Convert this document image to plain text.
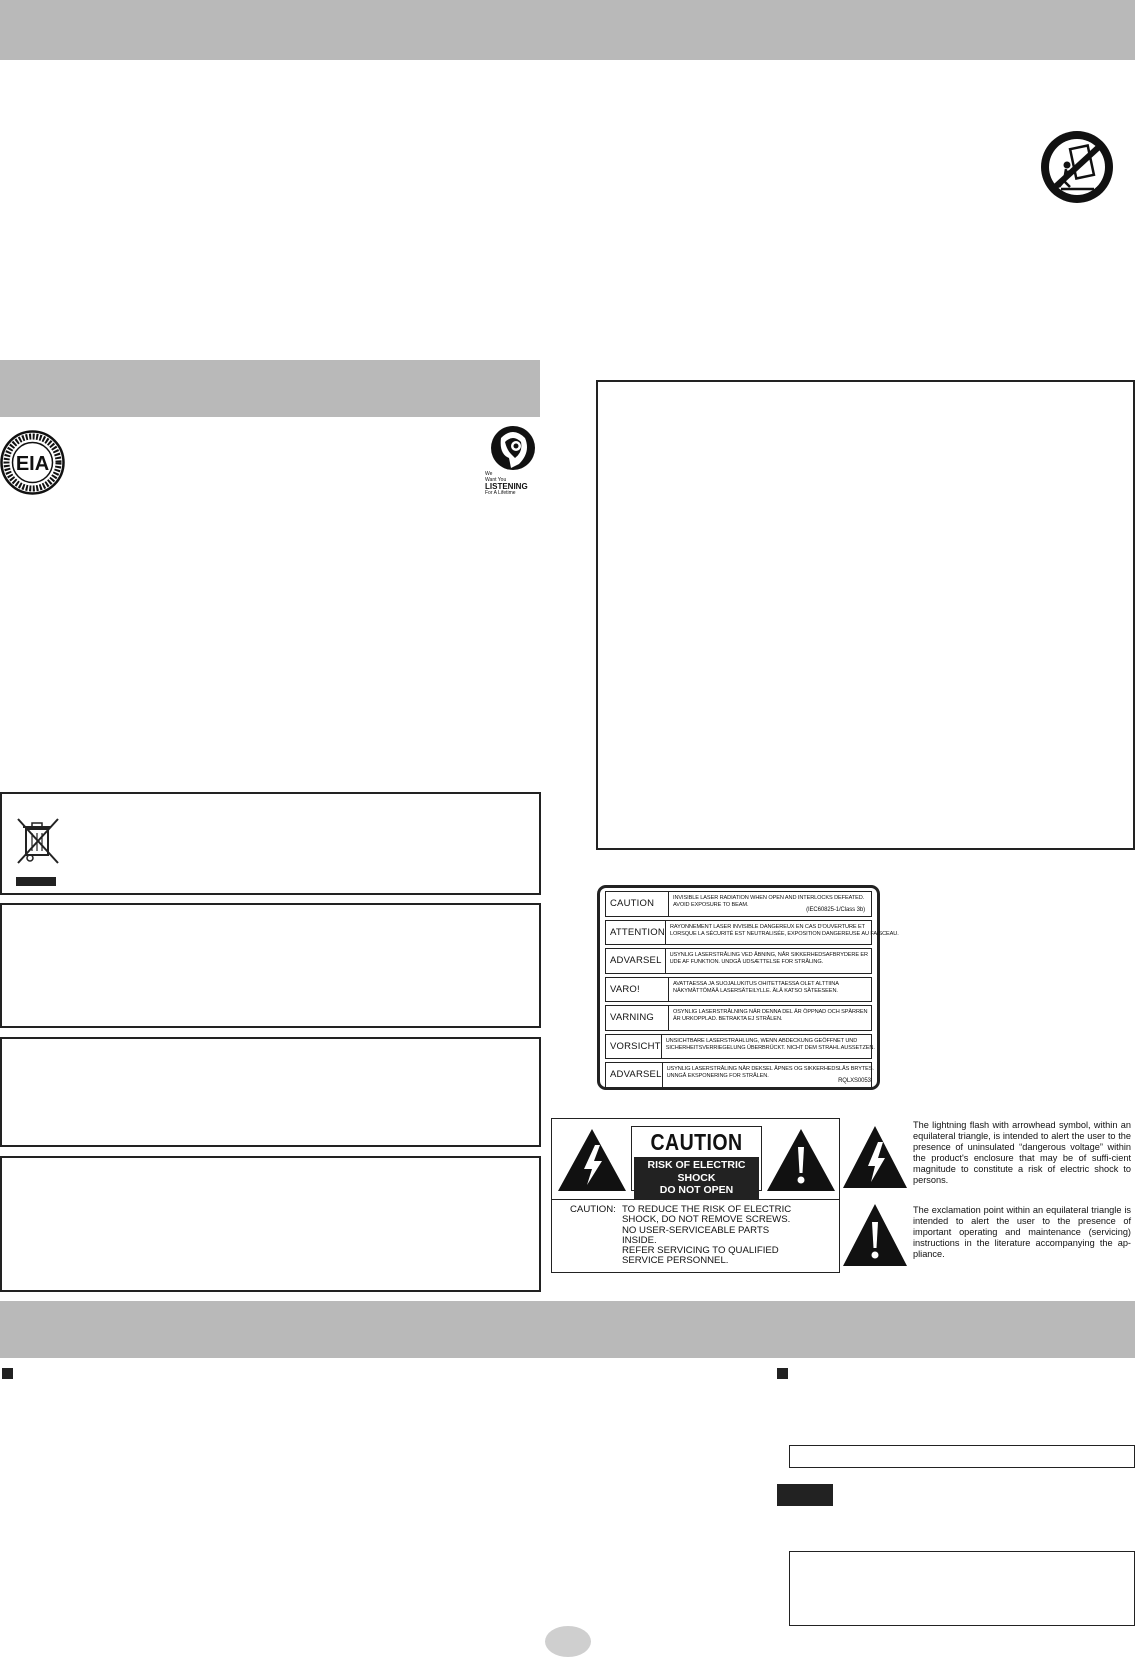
EIA	We
Want You
LISTENING
For A Lifetime
CAUTION
INVISIBLE LASER RADIATION WHEN OPEN AND INTERLOCKS DEFEATED.
AVOID EXPOSURE TO BEAM.
(IEC60825-1/Class 3b)
ATTENTION
RAYONNEMENT LASER INVISIBLE DANGEREUX EN CAS D'OUVERTURE ET
LORSQUE LA SÉCURITÉ EST NEUTRALISÉE, EXPOSITION DANGEREUSE AU FAISCEAU.
ADVARSEL
USYNLIG LASERSTRÅLING VED ÅBNING, NÅR SIKKERHEDSAFBRYDERE ER
UDE AF FUNKTION. UNDGÅ UDSÆTTELSE FOR STRÅLING.
VARO!
AVATTAESSA JA SUOJALUKITUS OHITETTAESSA OLET ALTTIINA
NÄKYMÄTTÖMÄÄ LASERSÄTEILYLLE. ÄLÄ KATSO SÄTEESEEN.
VARNING
OSYNLIG LASERSTRÅLNING NÄR DENNA DEL ÄR ÖPPNAD OCH SPÄRREN
ÄR URKOPPLAD. BETRAKTA EJ STRÅLEN.
VORSICHT
UNSICHTBARE LASERSTRAHLUNG, WENN ABDECKUNG GEÖFFNET UND
SICHERHEITSVERRIEGELUNG ÜBERBRÜCKT. NICHT DEM STRAHL AUSSETZEN.
ADVARSEL
USYNLIG LASERSTRÅLING NÅR DEKSEL ÅPNES OG SIKKERHEDSLÅS BRYTES.
UNNGÅ EKSPONERING FOR STRÅLEN.
RQLXS0053
CAUTION
RISK OF ELECTRIC SHOCK
DO NOT OPEN
CAUTION: TO REDUCE THE RISK OF ELECTRIC
SHOCK, DO NOT REMOVE SCREWS.
NO USER-SERVICEABLE PARTS
INSIDE.
REFER SERVICING TO QUALIFIED
SERVICE PERSONNEL.
The lightning flash with arrowhead symbol, within an equilateral triangle, is intended to alert the user to the presence of uninsulated “dangerous voltage” within the product's enclosure that may be of suffi-cient magnitude to constitute a risk of electric shock to persons.
The exclamation point within an equilateral triangle is intended to alert the user to the presence of important operating and maintenance (servicing) instructions in the literature accompanying the ap-pliance.
